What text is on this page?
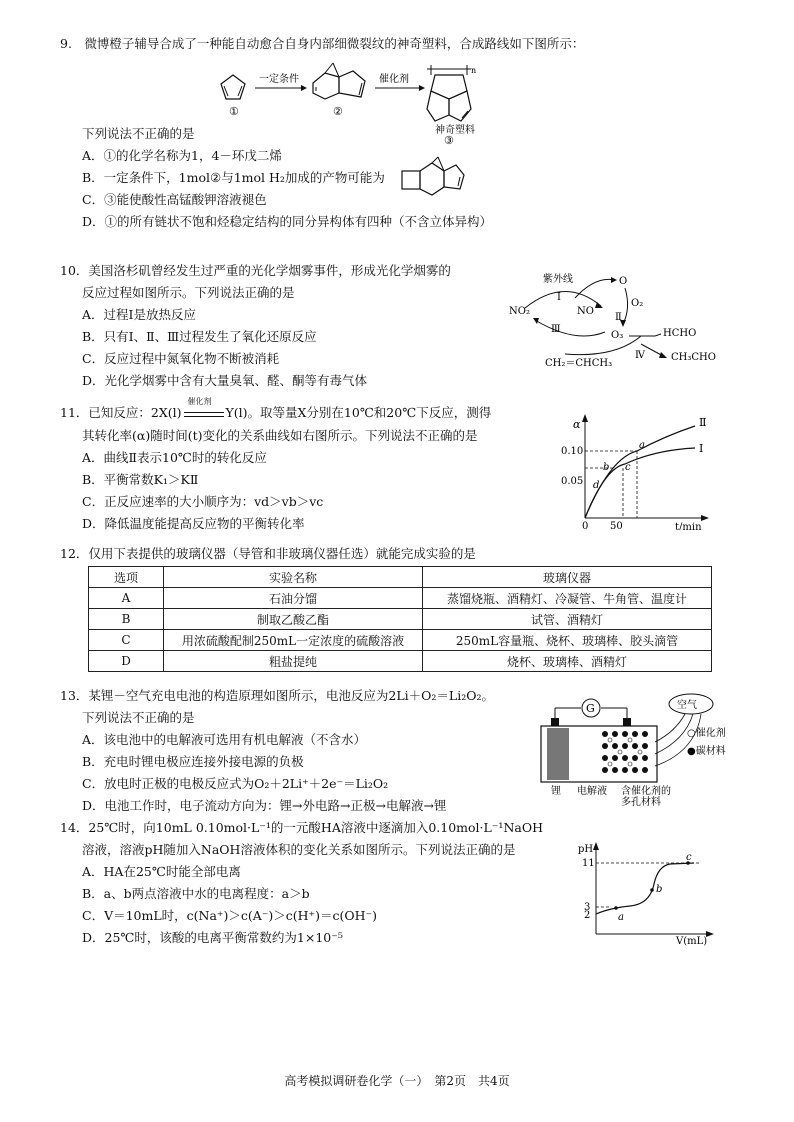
9.　微博橙子辅导合成了一种能自动愈合自身内部细微裂纹的神奇塑料，合成路线如下图所示：
①
一定条件
②
催化剂
n
神奇塑料
③
下列说法不正确的是
A．①的化学名称为1，4－环戊二烯
B．一定条件下，1mol②与1mol H₂加成的产物可能为
C．③能使酸性高锰酸钾溶液褪色
D．①的所有链状不饱和烃稳定结构的同分异构体有四种（不含立体异构）
10．美国洛杉矶曾经发生过严重的光化学烟雾事件，形成光化学烟雾的
反应过程如图所示。下列说法正确的是
A．过程Ⅰ是放热反应
B．只有Ⅰ、Ⅱ、Ⅲ过程发生了氧化还原反应
C．反应过程中氮氧化物不断被消耗
D．光化学烟雾中含有大量臭氧、醛、酮等有毒气体
紫外线
Ⅰ
NO₂	NO
O
O₂
Ⅱ
O₃
Ⅲ	HCHO
Ⅳ	CH₃CHO
CH₂＝CHCH₃
11．已知反应：2X(l)
催化剂
Y(l)。取等量X分别在10℃和20℃下反应，测得
其转化率(α)随时间(t)变化的关系曲线如右图所示。下列说法不正确的是
A．曲线Ⅱ表示10℃时的转化反应
B．平衡常数K₁＞KⅡ
C．正反应速率的大小顺序为：vd＞vb＞vc
D．降低温度能提高反应物的平衡转化率
α
t/min
0.10
0.05
0 50
Ⅱ
Ⅰ
a
b c
d
12．仅用下表提供的玻璃仪器（导管和非玻璃仪器任选）就能完成实验的是
选项	实验名称	玻璃仪器
A	石油分馏	蒸馏烧瓶、酒精灯、冷凝管、牛角管、温度计
B	制取乙酸乙酯	试管、酒精灯
C	用浓硫酸配制250mL一定浓度的硫酸溶液	250mL容量瓶、烧杯、玻璃棒、胶头滴管
D	粗盐提纯	烧杯、玻璃棒、酒精灯
13．某锂－空气充电电池的构造原理如图所示，电池反应为2Li＋O₂＝Li₂O₂。
下列说法不正确的是
A．该电池中的电解液可选用有机电解液（不含水）
B．充电时锂电极应连接外接电源的负极
C．放电时正极的电极反应式为O₂＋2Li⁺＋2e⁻＝Li₂O₂
D．电池工作时，电子流动方向为：锂→外电路→正极→电解液→锂
G	空气
○催化剂
●碳材料
锂 电解液 含催化剂的
多孔材料
14．25℃时，向10mL 0.10mol·L⁻¹的一元酸HA溶液中逐滴加入0.10mol·L⁻¹NaOH
溶液，溶液pH随加入NaOH溶液体积的变化关系如图所示。下列说法正确的是
A．HA在25℃时能全部电离
B．a、b两点溶液中水的电离程度：a＞b
C．V＝10mL时，c(Na⁺)＞c(A⁻)＞c(H⁺)＝c(OH⁻)
D．25℃时，该酸的电离平衡常数约为1×10⁻⁵
pH
V(mL)
11
3
2	a
b
c
高考模拟调研卷化学（一）　第2页　共4页
